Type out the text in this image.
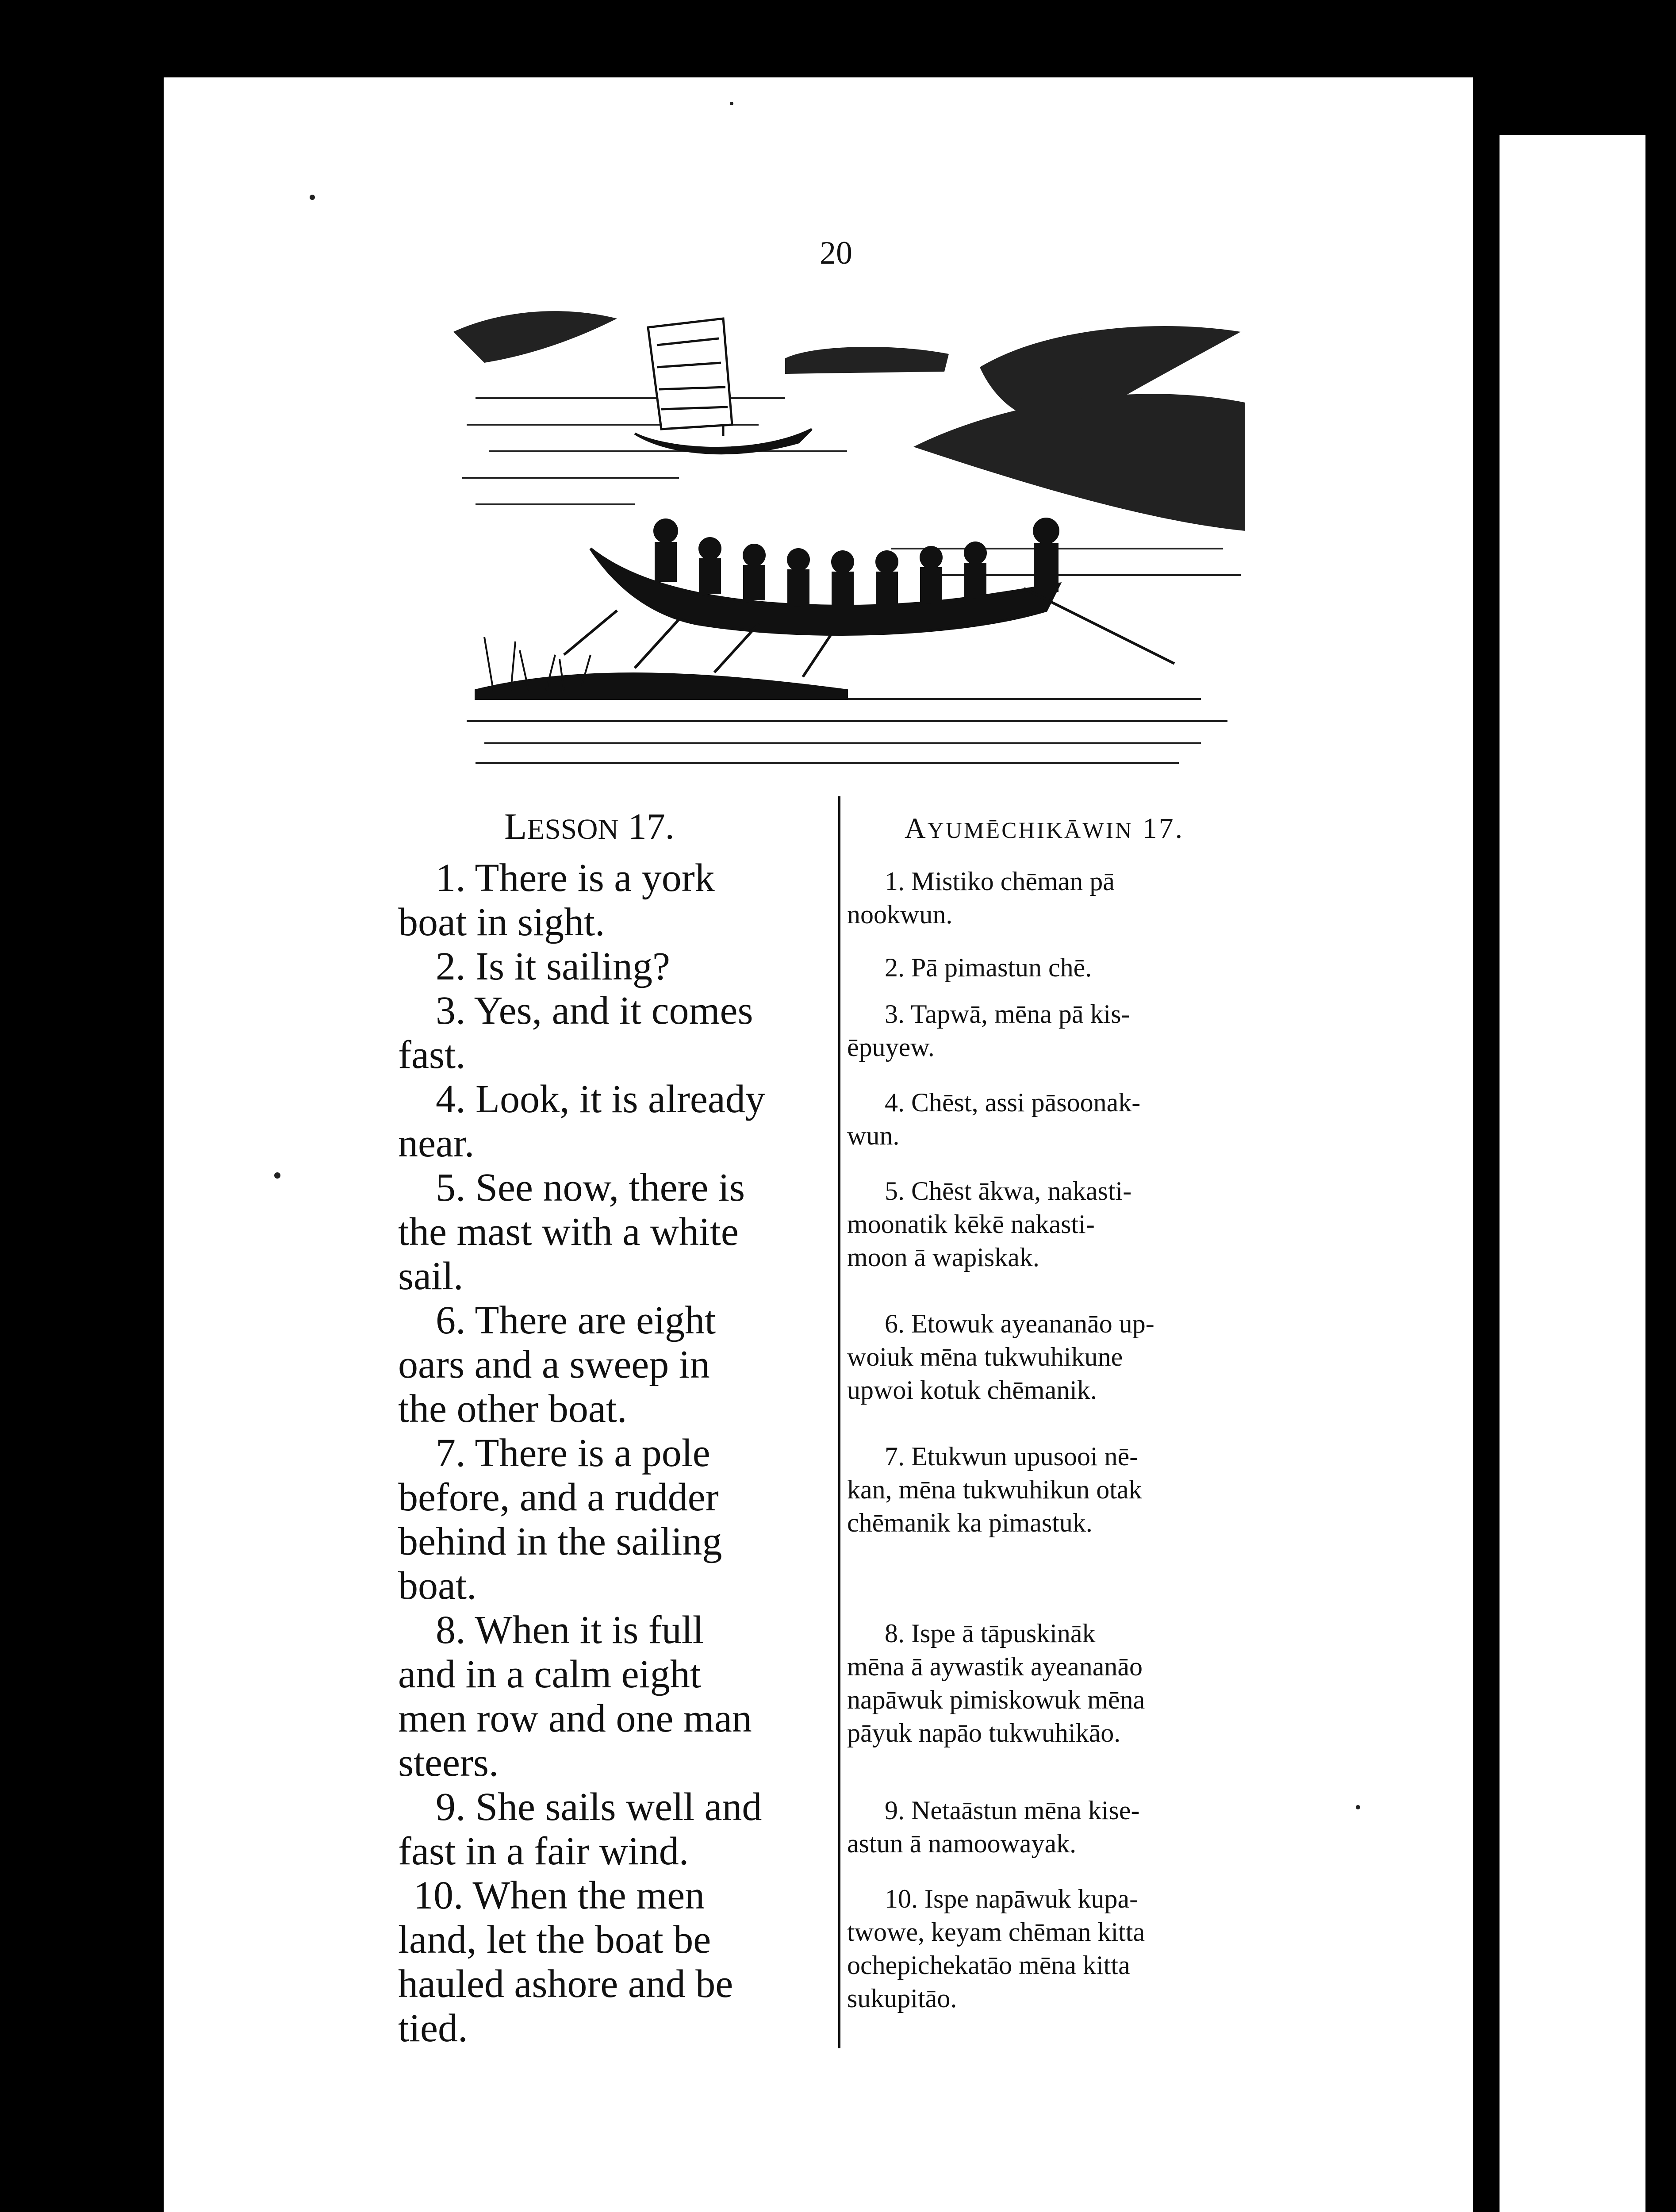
20
LESSON 17.	AYUMĒCHIKĀWIN 17.
1. There is a york
boat in sight.
2. Is it sailing?
3. Yes, and it comes
fast.
4. Look, it is already
near.
5. See now, there is
the mast with a white
sail.
6. There are eight
oars and a sweep in
the other boat.
7. There is a pole
before, and a rudder
behind in the sailing
boat.
8. When it is full
and in a calm eight
men row and one man
steers.
9. She sails well and
fast in a fair wind.
10. When the men
land, let the boat be
hauled ashore and be
tied.
1. Mistiko chēman pā
nookwun.
2. Pā pimastun chē.
3. Tapwā, mēna pā kis-
ēpuyew.
4. Chēst, assi pāsoonak-
wun.
5. Chēst ākwa, nakasti-
moonatik kēkē nakasti-
moon ā wapiskak.
6. Etowuk ayeananāo up-
woiuk mēna tukwuhikune
upwoi kotuk chēmanik.
7. Etukwun upusooi nē-
kan, mēna tukwuhikun otak
chēmanik ka pimastuk.
8. Ispe ā tāpuskināk
mēna ā aywastik ayeananāo
napāwuk pimiskowuk mēna
pāyuk napāo tukwuhikāo.
9. Netaāstun mēna kise-
astun ā namoowayak.
10. Ispe napāwuk kupa-
twowe, keyam chēman kitta
ochepichekatāo mēna kitta
sukupitāo.
